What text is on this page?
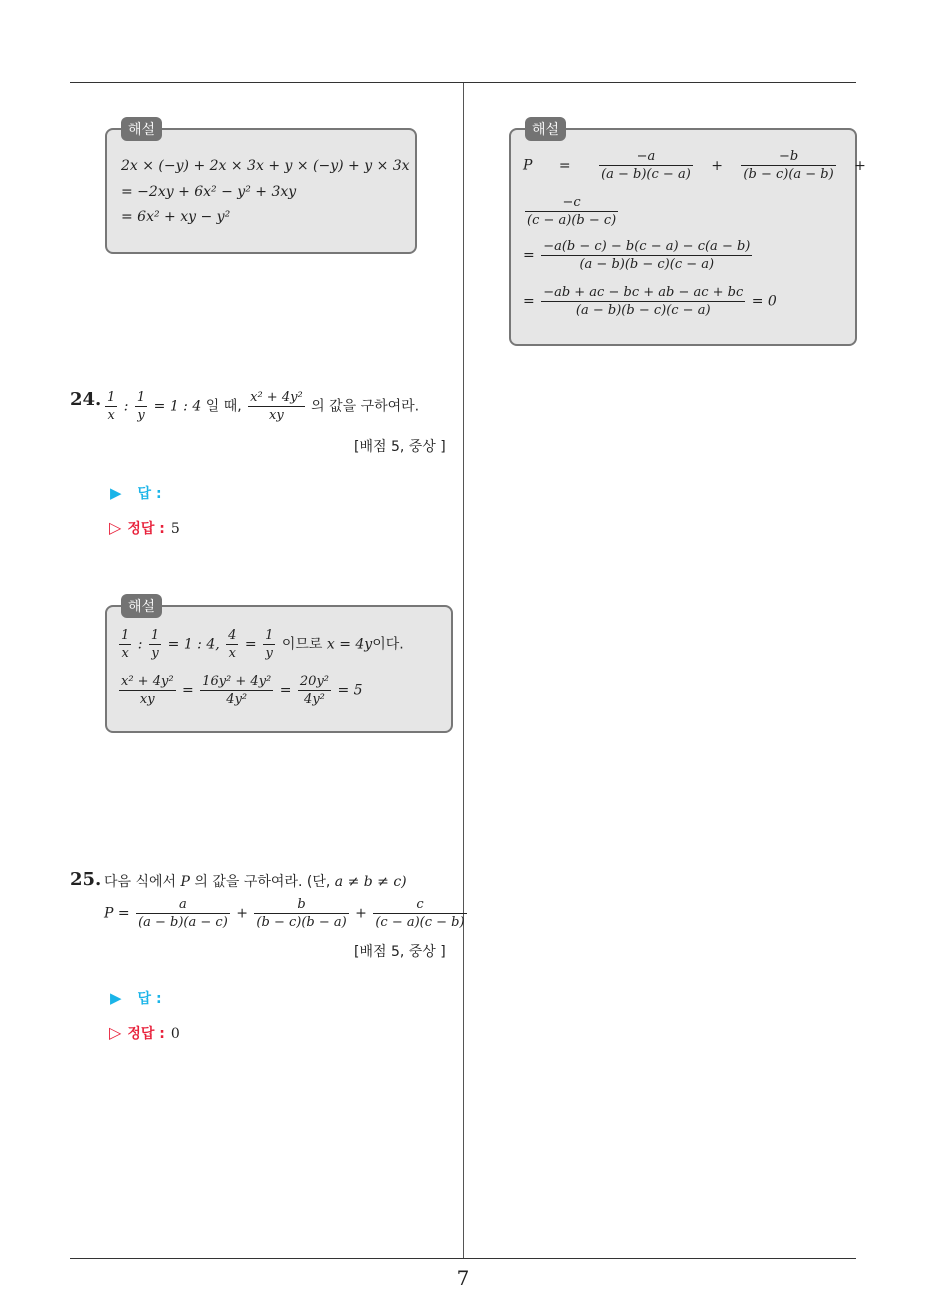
7
해설
2x × (−y) + 2x × 3x + y × (−y) + y × 3x
= −2xy + 6x² − y² + 3xy
= 6x² + xy − y²
24. $\frac{1}{x}$ : $\frac{1}{y} = 1$ : 4 일 때, $\frac{\text{x² + 4y²}}{xy}$ 의 값을 구하여라.
[배점 5, 중상 ]
▶ 답 :
▷ 정답 : 5
해설
$\frac{1}{x}$ : $\frac{1}{y} = 1$ : 4, $\frac{4}{x} = \frac{1}{y}$ 이므로 x = 4y이다.
$\frac{\text{x² + 4y²}}{xy} = \frac{\text{16y² + 4y²}}{\text{4y²}} = \frac{\text{20y²}}{\text{4y²}} = 5$
25. 다음 식에서 P 의 값을 구하여라. (단, a ≠ b ≠ c)
$P = \frac{a}{(a - b)(a - c)} + \frac{b}{(b - c)(b - a)} + \frac{c}{(c - a)(c - b)}$
[배점 5, 중상 ]
▶ 답 :
▷ 정답 : 0
해설
$P = \frac{-a}{(a - b)(c - a)} + \frac{-b}{(b - c)(a - b)}$ +
$\frac{-c}{(c - a)(b - c)}$
= $\frac{-a(b - c) - b(c - a) - c(a - b)}{(a - b)(b - c)(c - a)}$
= $\frac{-ab + ac - bc + ab - ac + bc}{(a - b)(b - c)(c - a)} = 0$
